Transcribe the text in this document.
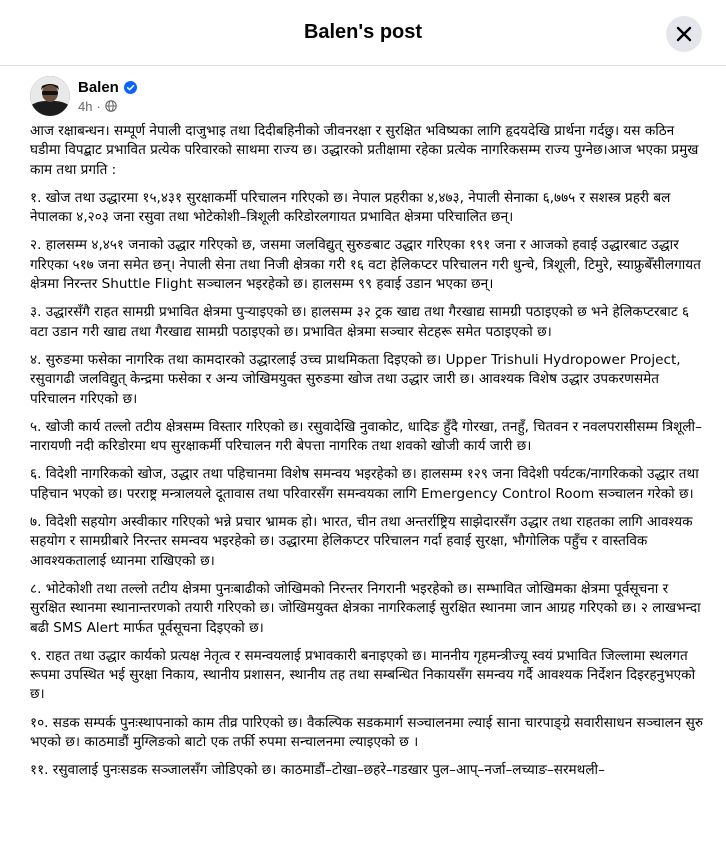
Balen's post
Balen
4h ·

आज रक्षाबन्धन। सम्पूर्ण नेपाली दाजुभाइ तथा दिदीबहिनीको जीवनरक्षा र सुरक्षित भविष्यका लागि हृदयदेखि प्रार्थना गर्दछु। यस कठिन घडीमा विपद्बाट प्रभावित प्रत्येक परिवारको साथमा राज्य छ। उद्धारको प्रतीक्षामा रहेका प्रत्येक नागरिकसम्म राज्य पुग्नेछ।आज भएका प्रमुख काम तथा प्रगति :

१. खोज तथा उद्धारमा १५,४३१ सुरक्षाकर्मी परिचालन गरिएको छ। नेपाल प्रहरीका ४,४७३, नेपाली सेनाका ६,७७५ र सशस्त्र प्रहरी बल नेपालका ४,२०३ जना रसुवा तथा भोटेकोशी–त्रिशूली करिडोरलगायत प्रभावित क्षेत्रमा परिचालित छन्।

२. हालसम्म ४,४५१ जनाको उद्धार गरिएको छ, जसमा जलविद्युत् सुरुङबाट उद्धार गरिएका १९१ जना र आजको हवाई उद्धारबाट उद्धार गरिएका ५१७ जना समेत छन्। नेपाली सेना तथा निजी क्षेत्रका गरी १६ वटा हेलिकप्टर परिचालन गरी धुन्चे, त्रिशूली, टिमुरे, स्याफ्रुबेँसीलगायत क्षेत्रमा निरन्तर Shuttle Flight सञ्चालन भइरहेको छ। हालसम्म ९९ हवाई उडान भएका छन्।

३. उद्धारसँगै राहत सामग्री प्रभावित क्षेत्रमा पुर्‍याइएको छ। हालसम्म ३२ ट्रक खाद्य तथा गैरखाद्य सामग्री पठाइएको छ भने हेलिकप्टरबाट ६ वटा उडान गरी खाद्य तथा गैरखाद्य सामग्री पठाइएको छ। प्रभावित क्षेत्रमा सञ्चार सेटहरू समेत पठाइएको छ।

४. सुरुङमा फसेका नागरिक तथा कामदारको उद्धारलाई उच्च प्राथमिकता दिइएको छ। Upper Trishuli Hydropower Project, रसुवागढी जलविद्युत् केन्द्रमा फसेका र अन्य जोखिमयुक्त सुरुङमा खोज तथा उद्धार जारी छ। आवश्यक विशेष उद्धार उपकरणसमेत परिचालन गरिएको छ।

५. खोजी कार्य तल्लो तटीय क्षेत्रसम्म विस्तार गरिएको छ। रसुवादेखि नुवाकोट, धादिङ हुँदै गोरखा, तनहुँ, चितवन र नवलपरासीसम्म त्रिशूली–नारायणी नदी करिडोरमा थप सुरक्षाकर्मी परिचालन गरी बेपत्ता नागरिक तथा शवको खोजी कार्य जारी छ।

६. विदेशी नागरिकको खोज, उद्धार तथा पहिचानमा विशेष समन्वय भइरहेको छ। हालसम्म १२९ जना विदेशी पर्यटक/नागरिकको उद्धार तथा पहिचान भएको छ। परराष्ट्र मन्त्रालयले दूतावास तथा परिवारसँग समन्वयका लागि Emergency Control Room सञ्चालन गरेको छ।

७. विदेशी सहयोग अस्वीकार गरिएको भन्ने प्रचार भ्रामक हो। भारत, चीन तथा अन्तर्राष्ट्रिय साझेदारसँग उद्धार तथा राहतका लागि आवश्यक सहयोग र सामग्रीबारे निरन्तर समन्वय भइरहेको छ। उद्धारमा हेलिकप्टर परिचालन गर्दा हवाई सुरक्षा, भौगोलिक पहुँच र वास्तविक आवश्यकतालाई ध्यानमा राखिएको छ।

८. भोटेकोशी तथा तल्लो तटीय क्षेत्रमा पुनःबाढीको जोखिमको निरन्तर निगरानी भइरहेको छ। सम्भावित जोखिमका क्षेत्रमा पूर्वसूचना र सुरक्षित स्थानमा स्थानान्तरणको तयारी गरिएको छ। जोखिमयुक्त क्षेत्रका नागरिकलाई सुरक्षित स्थानमा जान आग्रह गरिएको छ। २ लाखभन्दा बढी SMS Alert मार्फत पूर्वसूचना दिइएको छ।

९. राहत तथा उद्धार कार्यको प्रत्यक्ष नेतृत्व र समन्वयलाई प्रभावकारी बनाइएको छ। माननीय गृहमन्त्रीज्यू स्वयं प्रभावित जिल्लामा स्थलगत रूपमा उपस्थित भई सुरक्षा निकाय, स्थानीय प्रशासन, स्थानीय तह तथा सम्बन्धित निकायसँग समन्वय गर्दै आवश्यक निर्देशन दिइरहनुभएको छ।

१०. सडक सम्पर्क पुनःस्थापनाको काम तीव्र पारिएको छ। वैकल्पिक सडकमार्ग सञ्चालनमा ल्याई साना चारपाङ्ग्रे सवारीसाधन सञ्चालन सुरु भएको छ। काठमाडौं मुग्लिङको बाटो एक तर्फी रुपमा सन्चालनमा ल्याइएको छ ।

११. रसुवालाई पुनःसडक सञ्जालसँग जोडिएको छ। काठमाडौं–टोखा–छहरे–गडखार पुल–आप्–नर्जा–लच्याङ–सरमथली–
